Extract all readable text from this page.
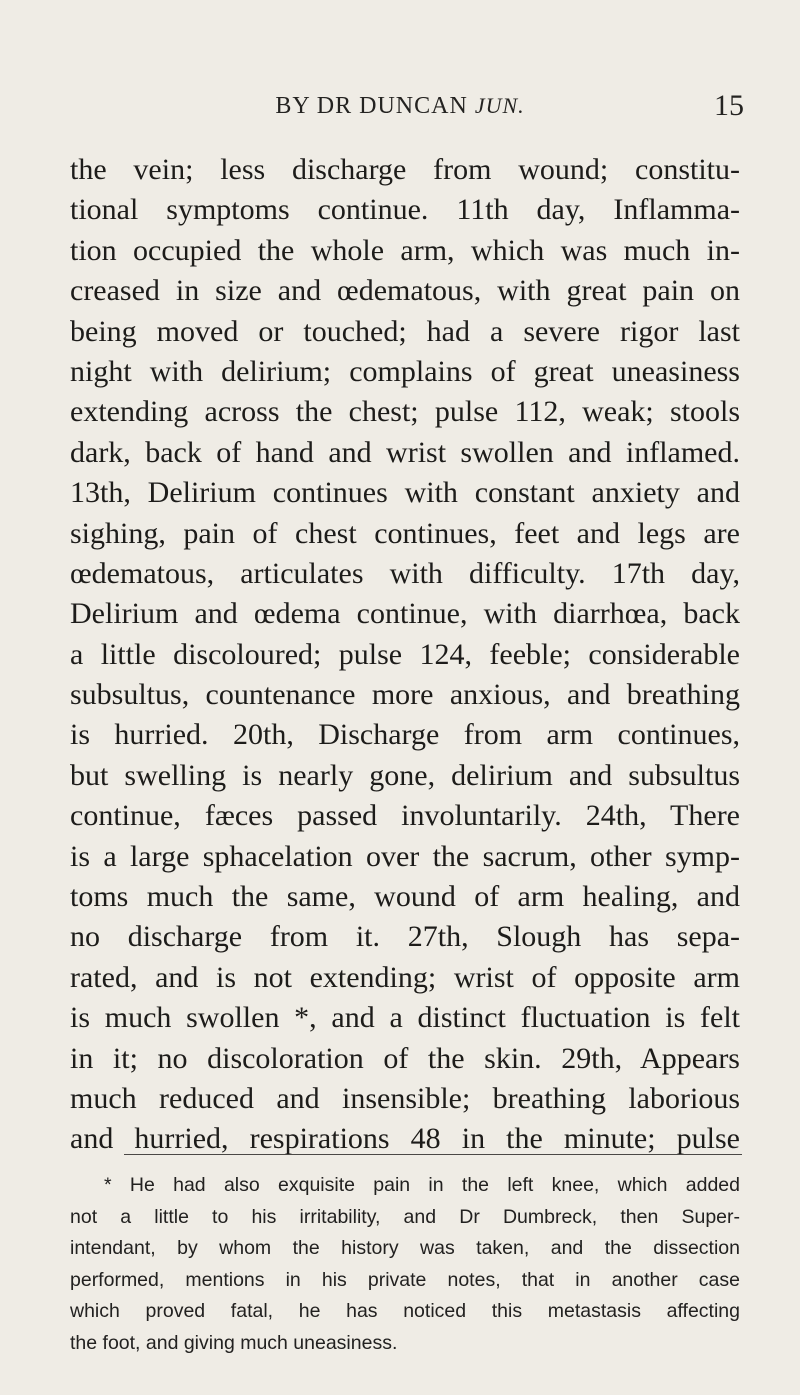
BY DR DUNCAN JUN.	15
the vein; less discharge from wound; constitu-
tional symptoms continue. 11th day, Inflamma-
tion occupied the whole arm, which was much in-
creased in size and œdematous, with great pain on
being moved or touched; had a severe rigor last
night with delirium; complains of great uneasiness
extending across the chest; pulse 112, weak; stools
dark, back of hand and wrist swollen and inflamed.
13th, Delirium continues with constant anxiety and
sighing, pain of chest continues, feet and legs are
œdematous, articulates with difficulty. 17th day,
Delirium and œdema continue, with diarrhœa, back
a little discoloured; pulse 124, feeble; considerable
subsultus, countenance more anxious, and breathing
is hurried. 20th, Discharge from arm continues,
but swelling is nearly gone, delirium and subsultus
continue, fæces passed involuntarily. 24th, There
is a large sphacelation over the sacrum, other symp-
toms much the same, wound of arm healing, and
no discharge from it. 27th, Slough has sepa-
rated, and is not extending; wrist of opposite arm
is much swollen *, and a distinct fluctuation is felt
in it; no discoloration of the skin. 29th, Appears
much reduced and insensible; breathing laborious
and hurried, respirations 48 in the minute; pulse
* He had also exquisite pain in the left knee, which added
not a little to his irritability, and Dr Dumbreck, then Super-
intendant, by whom the history was taken, and the dissection
performed, mentions in his private notes, that in another case
which proved fatal, he has noticed this metastasis affecting
the foot, and giving much uneasiness.
